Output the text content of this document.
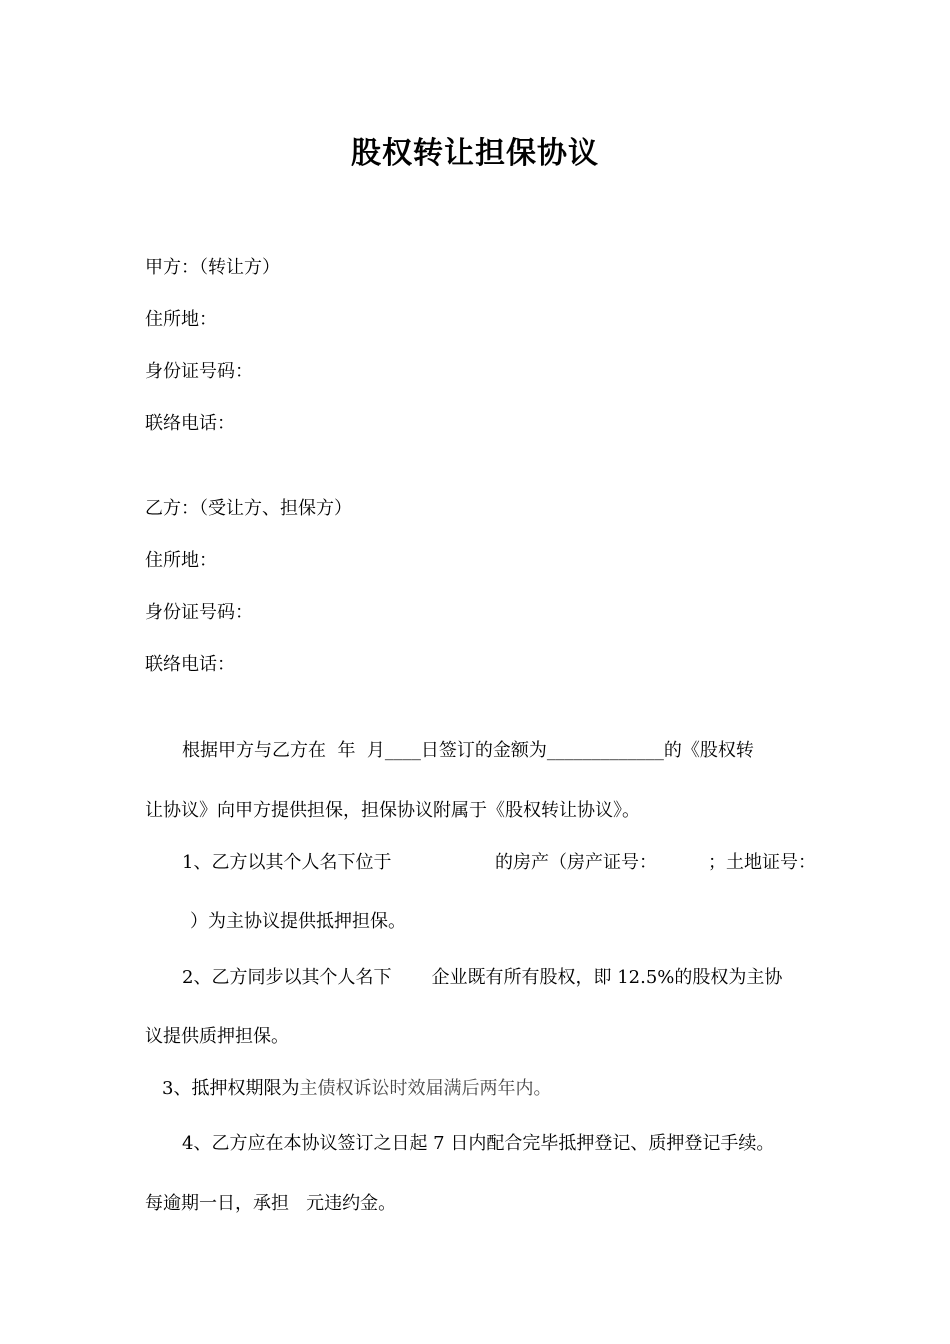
股权转让担保协议
甲方：（转让方）
住所地：
身份证号码：
联络电话：
乙方：（受让方、担保方）
住所地：
身份证号码：
联络电话：
根据甲方与乙方在  年  月____日签订的金额为_____________的《股权转
让协议》向甲方提供担保，担保协议附属于《股权转让协议》。
1、乙方以其个人名下位于	的房产（房产证号：	；土地证号：
）为主协议提供抵押担保。
2、乙方同步以其个人名下       企业既有所有股权，即 12.5%的股权为主协
议提供质押担保。
3、抵押权期限为主债权诉讼时效届满后两年内。
4、乙方应在本协议签订之日起 7 日内配合完毕抵押登记、质押登记手续。
每逾期一日，承担   元违约金。
